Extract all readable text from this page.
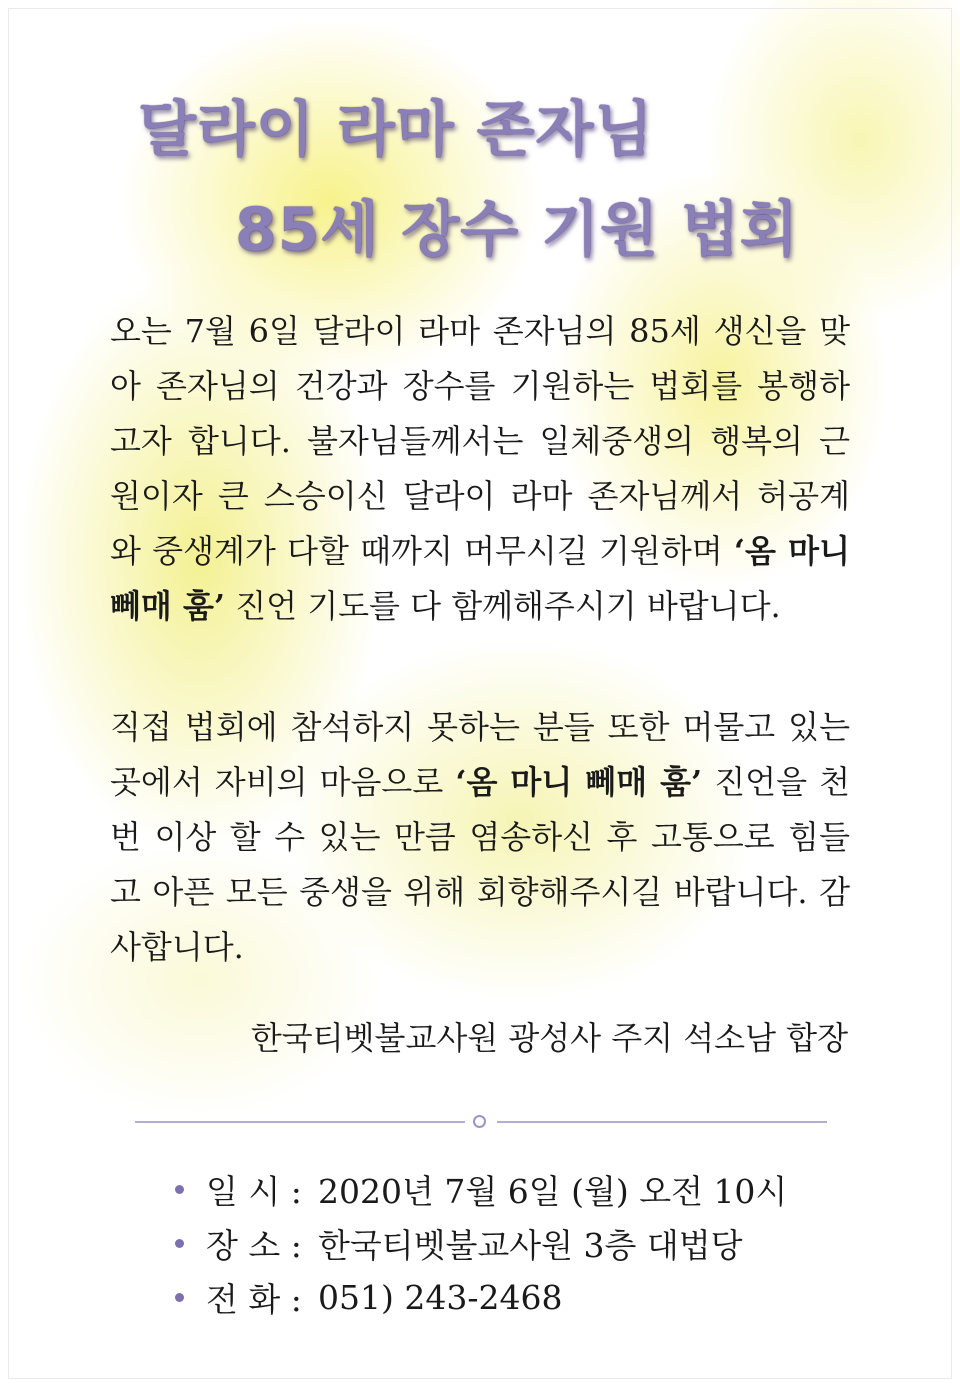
달라이 라마 존자님
85세 장수 기원 법회

오는 7월 6일 달라이 라마 존자님의 85세 생신을 맞아 존자님의 건강과 장수를 기원하는 법회를 봉행하고자 합니다. 불자님들께서는 일체중생의 행복의 근원이자 큰 스승이신 달라이 라마 존자님께서 허공계와 중생계가 다할 때까지 머무시길 기원하며 ‘옴 마니 뻬매 훔’ 진언 기도를 다 함께해주시기 바랍니다.

직접 법회에 참석하지 못하는 분들 또한 머물고 있는 곳에서 자비의 마음으로 ‘옴 마니 뻬매 훔’ 진언을 천 번 이상 할 수 있는 만큼 염송하신 후 고통으로 힘들고 아픈 모든 중생을 위해 회향해주시길 바랍니다. 감사합니다.

한국티벳불교사원 광성사 주지 석소남 합장

일 시 : 2020년 7월 6일 (월) 오전 10시
장 소 : 한국티벳불교사원 3층 대법당
전 화 : 051) 243-2468
